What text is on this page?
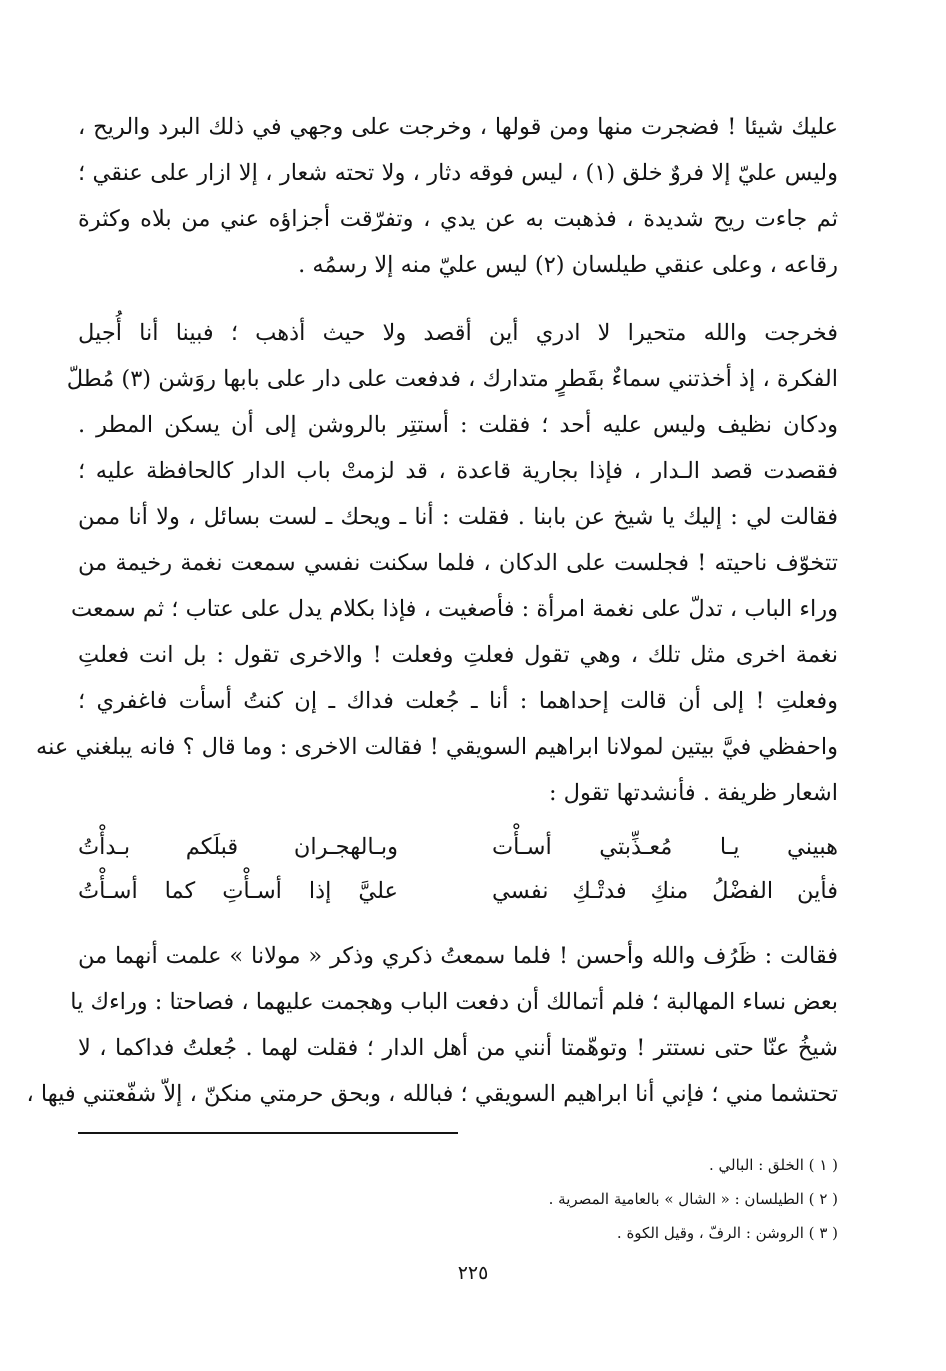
عليك شيئا ! فضجرت منها ومن قولها ، وخرجت على وجهي في ذلك البرد والريح ،
وليس عليّ إلا فروٌ خلق (١) ، ليس فوقه دثار ، ولا تحته شعار ، إلا ازار على عنقي ؛
ثم جاءت ريح شديدة ، فذهبت به عن يدي ، وتفرّقت أجزاؤه عني من بلاه وكثرة
رقاعه ، وعلى عنقي طيلسان (٢) ليس عليّ منه إلا رسمُه .
فخرجت والله متحيرا لا ادري أين أقصد ولا حيث أذهب ؛ فبينا أنا أُجيل
الفكرة ، إذ أخذتني سماءٌ بقَطرٍ متدارك ، فدفعت على دار على بابها روَشن (٣) مُطلّ
ودكان نظيف وليس عليه أحد ؛ فقلت : أستتِر بالروشن إلى أن يسكن المطر .
فقصدت قصد الـدار ، فإذا بجارية قاعدة ، قد لزمتْ باب الدار كالحافظة عليه ؛
فقالت لي : إليك يا شيخ عن بابنا . فقلت : أنا ـ ويحك ـ لست بسائل ، ولا أنا ممن
تتخوّف ناحيته ! فجلست على الدكان ، فلما سكنت نفسي سمعت نغمة رخيمة من
وراء الباب ، تدلّ على نغمة امرأة : فأصغيت ، فإذا بكلام يدل على عتاب ؛ ثم سمعت
نغمة اخرى مثل تلك ، وهي تقول فعلتِ وفعلت ! والاخرى تقول : بل انت فعلتِ
وفعلتِ ! إلى أن قالت إحداهما : أنا ـ جُعلت فداك ـ إن كنتُ أسأت فاغفري ؛
واحفظي فيَّ بيتين لمولانا ابراهيم السويقي ! فقالت الاخرى : وما قال ؟ فانه يبلغني عنه
اشعار ظريفة . فأنشدتها تقول :
هبيني يـا مُعـذِّبتي أسـأْت
وبـالهجـران قبلَكم بـدأْتُ
فأين الفضْلُ منكِ فدتْـكِ نفسي
عليَّ إذا أسـأْتِ كما أسـأْتُ
فقالت : ظَرُف والله وأحسن ! فلما سمعتُ ذكري وذكر « مولانا » علمت أنهما من
بعض نساء المهالبة ؛ فلم أتمالك أن دفعت الباب وهجمت عليهما ، فصاحتا : وراءك يا
شيخُ عنّا حتى نستتر ! وتوهّمتا أنني من أهل الدار ؛ فقلت لهما . جُعلتُ فداكما ، لا
تحتشما مني ؛ فإني أنا ابراهيم السويقي ؛ فبالله ، وبحق حرمتي منكنّ ، إلاّ شفّعتني فيها ،
( ١ ) الخلق : البالي .
( ٢ ) الطيلسان : « الشال » بالعامية المصرية .
( ٣ ) الروشن : الرفّ ، وقيل الكوة .
٢٢٥
